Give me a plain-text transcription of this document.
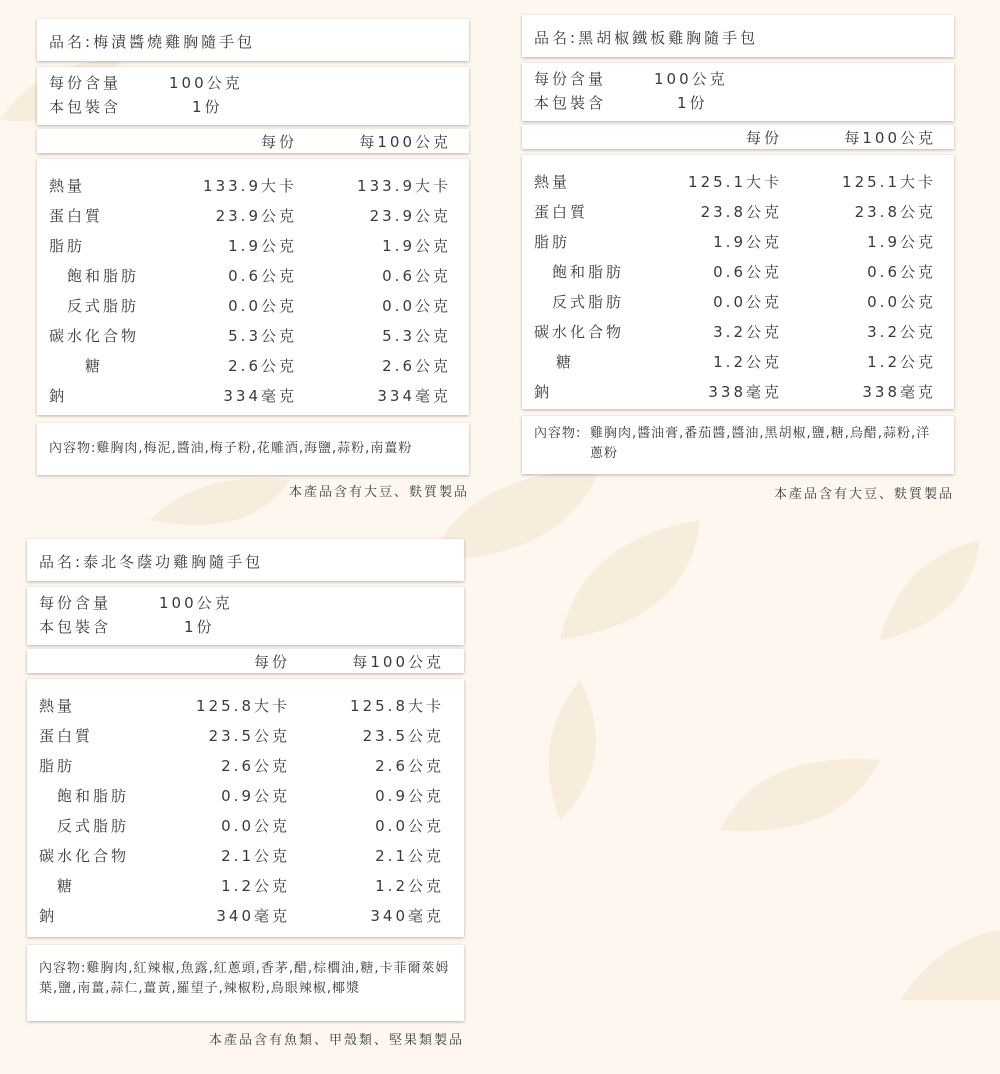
品名:梅漬醬燒雞胸隨手包
每份含量	100公克
本包裝含	1份
每份	每100公克
熱量	133.9大卡	133.9大卡
蛋白質	23.9公克	23.9公克
脂肪	1.9公克	1.9公克
飽和脂肪	0.6公克	0.6公克
反式脂肪	0.0公克	0.0公克
碳水化合物	5.3公克	5.3公克
糖	2.6公克	2.6公克
鈉	334毫克	334毫克
內容物:雞胸肉,梅泥,醬油,梅子粉,花雕酒,海鹽,蒜粉,南薑粉
本產品含有大豆、麩質製品
品名:黑胡椒鐵板雞胸隨手包
每份含量	100公克
本包裝含	1份
每份	每100公克
熱量	125.1大卡	125.1大卡
蛋白質	23.8公克	23.8公克
脂肪	1.9公克	1.9公克
飽和脂肪	0.6公克	0.6公克
反式脂肪	0.0公克	0.0公克
碳水化合物	3.2公克	3.2公克
糖	1.2公克	1.2公克
鈉	338毫克	338毫克
內容物: 雞胸肉,醬油膏,番茄醬,醬油,黑胡椒,鹽,糖,烏醋,蒜粉,洋蔥粉
本產品含有大豆、麩質製品
品名:泰北冬蔭功雞胸隨手包
每份含量	100公克
本包裝含	1份
每份	每100公克
熱量	125.8大卡	125.8大卡
蛋白質	23.5公克	23.5公克
脂肪	2.6公克	2.6公克
飽和脂肪	0.9公克	0.9公克
反式脂肪	0.0公克	0.0公克
碳水化合物	2.1公克	2.1公克
糖	1.2公克	1.2公克
鈉	340毫克	340毫克
內容物:雞胸肉,紅辣椒,魚露,紅蔥頭,香茅,醋,棕櫚油,糖,卡菲爾萊姆葉,鹽,南薑,蒜仁,薑黃,羅望子,辣椒粉,鳥眼辣椒,椰漿
本產品含有魚類、甲殼類、堅果類製品
